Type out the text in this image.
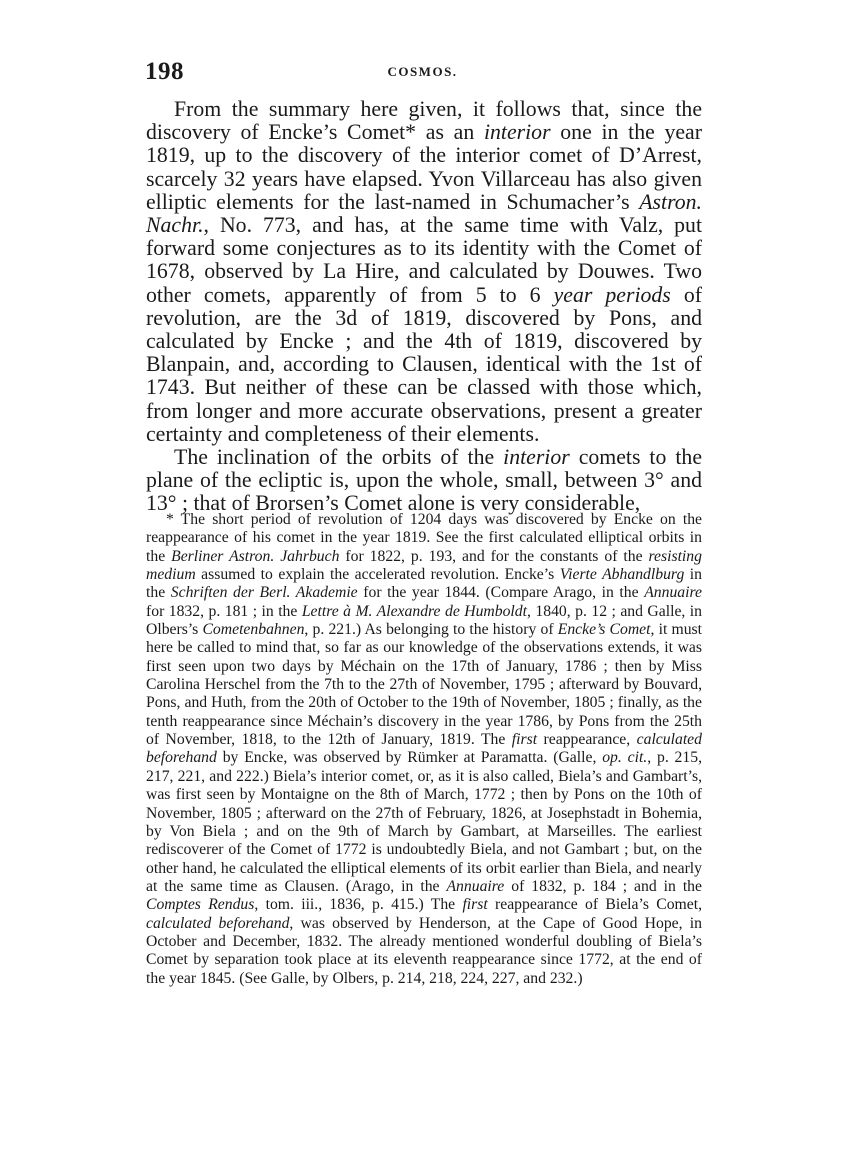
198	COSMOS.

From the summary here given, it follows that, since the discovery of Encke’s Comet* as an interior one in the year 1819, up to the discovery of the interior comet of D’Arrest, scarcely 32 years have elapsed. Yvon Villarceau has also given elliptic elements for the last-named in Schumacher’s Astron. Nachr., No. 773, and has, at the same time with Valz, put forward some conjectures as to its identity with the Comet of 1678, observed by La Hire, and calculated by Douwes. Two other comets, apparently of from 5 to 6 year periods of revolution, are the 3d of 1819, discovered by Pons, and calculated by Encke ; and the 4th of 1819, discovered by Blanpain, and, according to Clausen, identical with the 1st of 1743. But neither of these can be classed with those which, from longer and more accurate observations, present a greater certainty and completeness of their elements.

The inclination of the orbits of the interior comets to the plane of the ecliptic is, upon the whole, small, between 3° and 13° ; that of Brorsen’s Comet alone is very considerable,

* The short period of revolution of 1204 days was discovered by Encke on the reappearance of his comet in the year 1819. See the first calculated elliptical orbits in the Berliner Astron. Jahrbuch for 1822, p. 193, and for the constants of the resisting medium assumed to explain the accelerated revolution. Encke’s Vierte Abhandlburg in the Schriften der Berl. Akademie for the year 1844. (Compare Arago, in the Annuaire for 1832, p. 181 ; in the Lettre à M. Alexandre de Humboldt, 1840, p. 12 ; and Galle, in Olbers’s Cometenbahnen, p. 221.) As belonging to the history of Encke’s Comet, it must here be called to mind that, so far as our knowledge of the observations extends, it was first seen upon two days by Méchain on the 17th of January, 1786 ; then by Miss Carolina Herschel from the 7th to the 27th of November, 1795 ; afterward by Bouvard, Pons, and Huth, from the 20th of October to the 19th of November, 1805 ; finally, as the tenth reappearance since Méchain’s discovery in the year 1786, by Pons from the 25th of November, 1818, to the 12th of January, 1819. The first reappearance, calculated beforehand by Encke, was observed by Rümker at Paramatta. (Galle, op. cit., p. 215, 217, 221, and 222.) Biela’s interior comet, or, as it is also called, Biela’s and Gambart’s, was first seen by Montaigne on the 8th of March, 1772 ; then by Pons on the 10th of November, 1805 ; afterward on the 27th of February, 1826, at Josephstadt in Bohemia, by Von Biela ; and on the 9th of March by Gambart, at Marseilles. The earliest rediscoverer of the Comet of 1772 is undoubtedly Biela, and not Gambart ; but, on the other hand, he calculated the elliptical elements of its orbit earlier than Biela, and nearly at the same time as Clausen. (Arago, in the Annuaire of 1832, p. 184 ; and in the Comptes Rendus, tom. iii., 1836, p. 415.) The first reappearance of Biela’s Comet, calculated beforehand, was observed by Henderson, at the Cape of Good Hope, in October and December, 1832. The already mentioned wonderful doubling of Biela’s Comet by separation took place at its eleventh reappearance since 1772, at the end of the year 1845. (See Galle, by Olbers, p. 214, 218, 224, 227, and 232.)
